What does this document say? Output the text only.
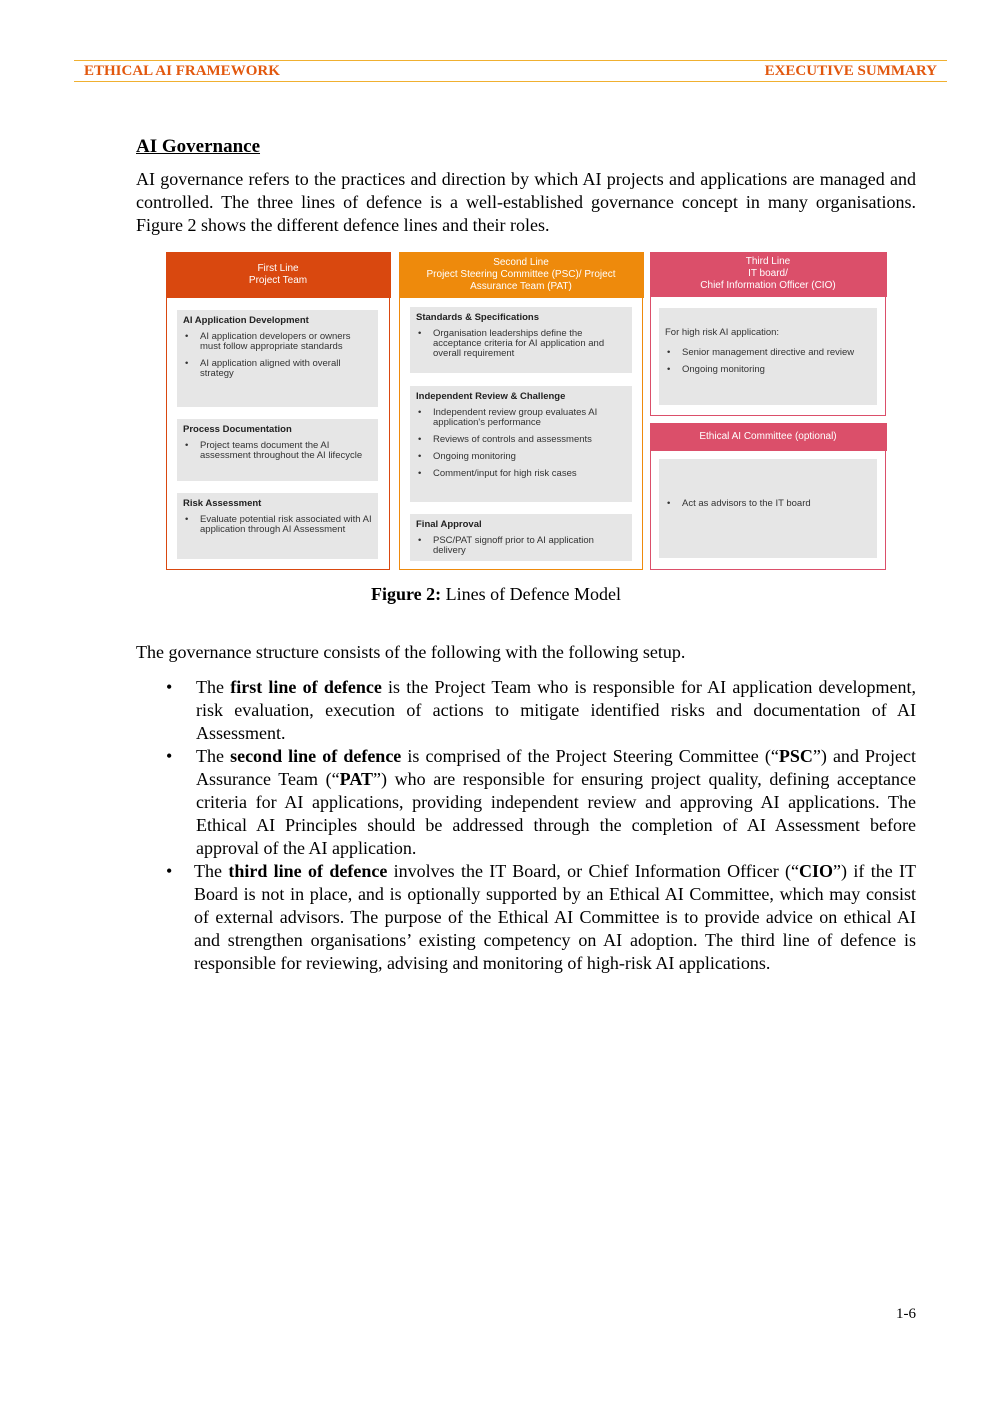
ETHICAL AI FRAMEWORK	EXECUTIVE SUMMARY
AI Governance
AI governance refers to the practices and direction by which AI projects and applications are managed and controlled. The three lines of defence is a well-established governance concept in many organisations. Figure 2 shows the different defence lines and their roles.
First Line
Project Team
AI Application Development
• AI application developers or owners must follow appropriate standards
• AI application aligned with overall strategy
Process Documentation
• Project teams document the AI assessment throughout the AI lifecycle
Risk Assessment
• Evaluate potential risk associated with AI application through AI Assessment
Second Line
Project Steering Committee (PSC)/ Project Assurance Team (PAT)
Standards & Specifications
• Organisation leaderships define the acceptance criteria for AI application and overall requirement
Independent Review & Challenge
• Independent review group evaluates AI application's performance
• Reviews of controls and assessments
• Ongoing monitoring
• Comment/input for high risk cases
Final Approval
• PSC/PAT signoff prior to AI application delivery
Third Line
IT board/
Chief Information Officer (CIO)
For high risk AI application:
• Senior management directive and review
• Ongoing monitoring
Ethical AI Committee (optional)
• Act as advisors to the IT board
Figure 2: Lines of Defence Model
The governance structure consists of the following with the following setup.
• The first line of defence is the Project Team who is responsible for AI application development, risk evaluation, execution of actions to mitigate identified risks and documentation of AI Assessment.
• The second line of defence is comprised of the Project Steering Committee (“PSC”) and Project Assurance Team (“PAT”) who are responsible for ensuring project quality, defining acceptance criteria for AI applications, providing independent review and approving AI applications. The Ethical AI Principles should be addressed through the completion of AI Assessment before approval of the AI application.
• The third line of defence involves the IT Board, or Chief Information Officer (“CIO”) if the IT Board is not in place, and is optionally supported by an Ethical AI Committee, which may consist of external advisors. The purpose of the Ethical AI Committee is to provide advice on ethical AI and strengthen organisations’ existing competency on AI adoption. The third line of defence is responsible for reviewing, advising and monitoring of high-risk AI applications.
1-6
